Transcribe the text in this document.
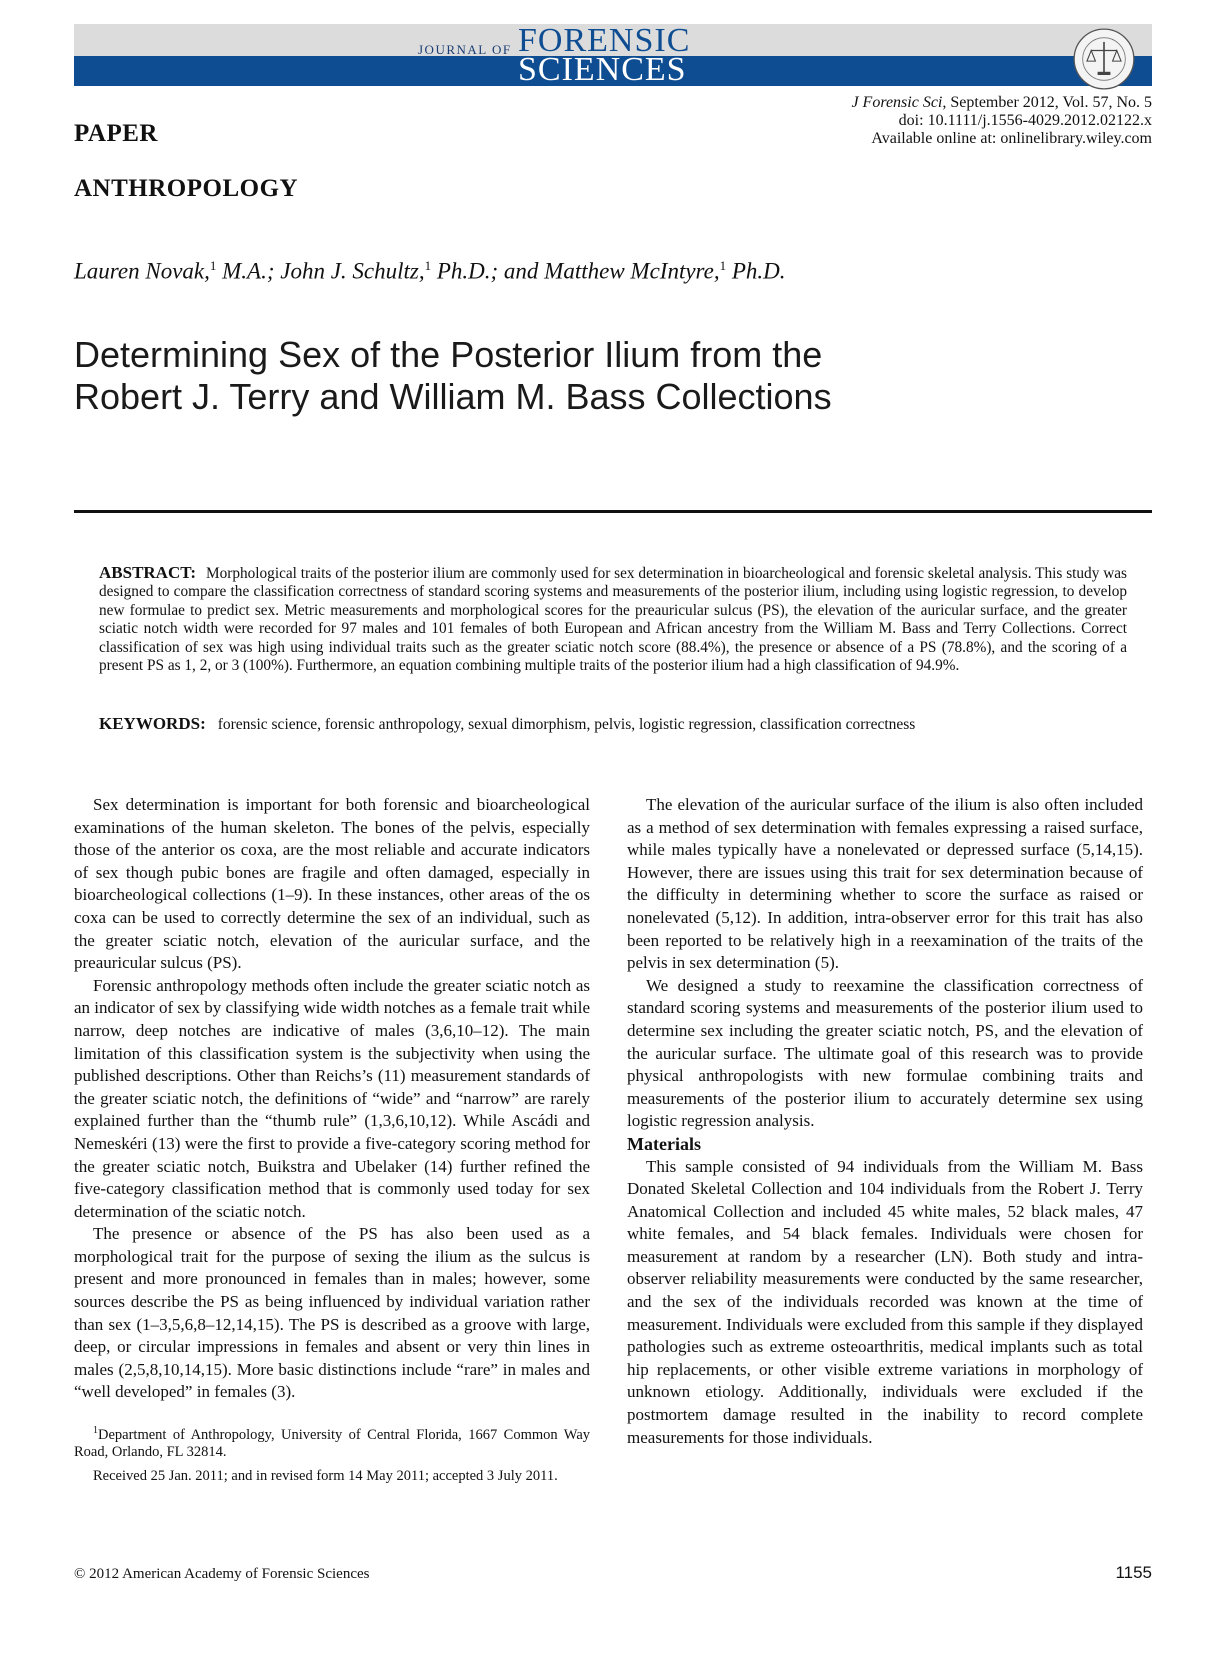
JOURNAL OF FORENSIC
SCIENCES
J Forensic Sci, September 2012, Vol. 57, No. 5
doi: 10.1111/j.1556-4029.2012.02122.x
Available online at: onlinelibrary.wiley.com
PAPER
ANTHROPOLOGY
Lauren Novak,$^1$ M.A.; John J. Schultz,$^1$ Ph.D.; and Matthew McIntyre,$^1$ Ph.D.
Determining Sex of the Posterior Ilium from the Robert J. Terry and William M. Bass Collections
ABSTRACT: Morphological traits of the posterior ilium are commonly used for sex determination in bioarcheological and forensic skeletal analysis. This study was designed to compare the classification correctness of standard scoring systems and measurements of the posterior ilium, including using logistic regression, to develop new formulae to predict sex. Metric measurements and morphological scores for the preauricular sulcus (PS), the elevation of the auricular surface, and the greater sciatic notch width were recorded for 97 males and 101 females of both European and African ancestry from the William M. Bass and Terry Collections. Correct classification of sex was high using individual traits such as the greater sciatic notch score (88.4%), the presence or absence of a PS (78.8%), and the scoring of a present PS as 1, 2, or 3 (100%). Furthermore, an equation combining multiple traits of the posterior ilium had a high classification of 94.9%.
KEYWORDS: forensic science, forensic anthropology, sexual dimorphism, pelvis, logistic regression, classification correctness

Sex determination is important for both forensic and bioarcheological examinations of the human skeleton. The bones of the pelvis, especially those of the anterior os coxa, are the most reliable and accurate indicators of sex though pubic bones are fragile and often damaged, especially in bioarcheological collections (1–9). In these instances, other areas of the os coxa can be used to correctly determine the sex of an individual, such as the greater sciatic notch, elevation of the auricular surface, and the preauricular sulcus (PS).

Forensic anthropology methods often include the greater sciatic notch as an indicator of sex by classifying wide width notches as a female trait while narrow, deep notches are indicative of males (3,6,10–12). The main limitation of this classification system is the subjectivity when using the published descriptions. Other than Reichs’s (11) measurement standards of the greater sciatic notch, the definitions of “wide” and “narrow” are rarely explained further than the “thumb rule” (1,3,6,10,12). While Ascádi and Nemeskéri (13) were the first to provide a five-category scoring method for the greater sciatic notch, Buikstra and Ubelaker (14) further refined the five-category classification method that is commonly used today for sex determination of the sciatic notch.

The presence or absence of the PS has also been used as a morphological trait for the purpose of sexing the ilium as the sulcus is present and more pronounced in females than in males; however, some sources describe the PS as being influenced by individual variation rather than sex (1–3,5,6,8–12,14,15). The PS is described as a groove with large, deep, or circular impressions in females and absent or very thin lines in males (2,5,8,10,14,15). More basic distinctions include “rare” in males and “well developed” in females (3).

$^1$Department of Anthropology, University of Central Florida, 1667 Common Way Road, Orlando, FL 32814.

Received 25 Jan. 2011; and in revised form 14 May 2011; accepted 3 July 2011.

The elevation of the auricular surface of the ilium is also often included as a method of sex determination with females expressing a raised surface, while males typically have a nonelevated or depressed surface (5,14,15). However, there are issues using this trait for sex determination because of the difficulty in determining whether to score the surface as raised or nonelevated (5,12). In addition, intra-observer error for this trait has also been reported to be relatively high in a reexamination of the traits of the pelvis in sex determination (5).

We designed a study to reexamine the classification correctness of standard scoring systems and measurements of the posterior ilium used to determine sex including the greater sciatic notch, PS, and the elevation of the auricular surface. The ultimate goal of this research was to provide physical anthropologists with new formulae combining traits and measurements of the posterior ilium to accurately determine sex using logistic regression analysis.

Materials

This sample consisted of 94 individuals from the William M. Bass Donated Skeletal Collection and 104 individuals from the Robert J. Terry Anatomical Collection and included 45 white males, 52 black males, 47 white females, and 54 black females. Individuals were chosen for measurement at random by a researcher (LN). Both study and intra-observer reliability measurements were conducted by the same researcher, and the sex of the individuals recorded was known at the time of measurement. Individuals were excluded from this sample if they displayed pathologies such as extreme osteoarthritis, medical implants such as total hip replacements, or other visible extreme variations in morphology of unknown etiology. Additionally, individuals were excluded if the postmortem damage resulted in the inability to record complete measurements for those individuals.

© 2012 American Academy of Forensic Sciences	1155
